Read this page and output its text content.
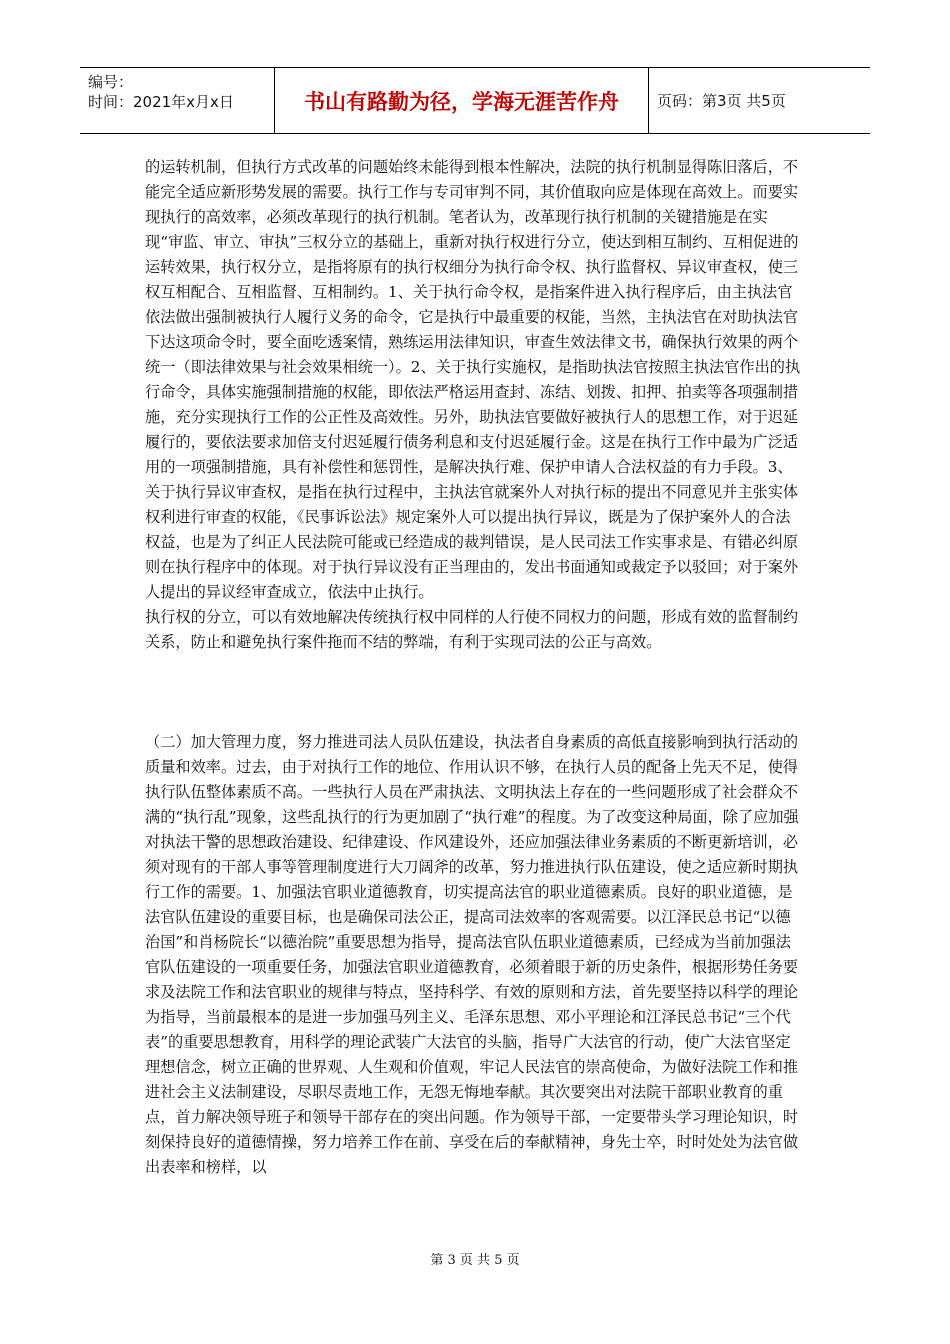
编号：
时间：2021年x月x日	书山有路勤为径，学海无涯苦作舟	页码：第3页 共5页

的运转机制，但执行方式改革的问题始终未能得到根本性解决，法院的执行机制显得陈旧落后，不能完全适应新形势发展的需要。执行工作与专司审判不同，其价值取向应是体现在高效上。而要实现执行的高效率，必须改革现行的执行机制。笔者认为，改革现行执行机制的关键措施是在实现“审监、审立、审执”三权分立的基础上，重新对执行权进行分立，使达到相互制约、互相促进的运转效果，执行权分立，是指将原有的执行权细分为执行命令权、执行监督权、异议审查权，使三权互相配合、互相监督、互相制约。1、关于执行命令权，是指案件进入执行程序后，由主执法官依法做出强制被执行人履行义务的命令，它是执行中最重要的权能，当然，主执法官在对助执法官下达这项命令时，要全面吃透案情，熟练运用法律知识，审查生效法律文书，确保执行效果的两个统一（即法律效果与社会效果相统一）。2、关于执行实施权，是指助执法官按照主执法官作出的执行命令，具体实施强制措施的权能，即依法严格运用查封、冻结、划拨、扣押、拍卖等各项强制措施，充分实现执行工作的公正性及高效性。另外，助执法官要做好被执行人的思想工作，对于迟延履行的，要依法要求加倍支付迟延履行债务利息和支付迟延履行金。这是在执行工作中最为广泛适用的一项强制措施，具有补偿性和惩罚性，是解决执行难、保护申请人合法权益的有力手段。3、关于执行异议审查权，是指在执行过程中，主执法官就案外人对执行标的提出不同意见并主张实体权利进行审查的权能，《民事诉讼法》规定案外人可以提出执行异议，既是为了保护案外人的合法权益，也是为了纠正人民法院可能或已经造成的裁判错误，是人民司法工作实事求是、有错必纠原则在执行程序中的体现。对于执行异议没有正当理由的，发出书面通知或裁定予以驳回；对于案外人提出的异议经审查成立，依法中止执行。

执行权的分立，可以有效地解决传统执行权中同样的人行使不同权力的问题，形成有效的监督制约关系，防止和避免执行案件拖而不结的弊端，有利于实现司法的公正与高效。

（二）加大管理力度，努力推进司法人员队伍建设，执法者自身素质的高低直接影响到执行活动的质量和效率。过去，由于对执行工作的地位、作用认识不够，在执行人员的配备上先天不足，使得执行队伍整体素质不高。一些执行人员在严肃执法、文明执法上存在的一些问题形成了社会群众不满的“执行乱”现象，这些乱执行的行为更加剧了“执行难”的程度。为了改变这种局面，除了应加强对执法干警的思想政治建设、纪律建设、作风建设外，还应加强法律业务素质的不断更新培训，必须对现有的干部人事等管理制度进行大刀阔斧的改革，努力推进执行队伍建设，使之适应新时期执行工作的需要。1、加强法官职业道德教育，切实提高法官的职业道德素质。良好的职业道德，是法官队伍建设的重要目标，也是确保司法公正，提高司法效率的客观需要。以江泽民总书记“以德治国”和肖杨院长“以德治院”重要思想为指导，提高法官队伍职业道德素质，已经成为当前加强法官队伍建设的一项重要任务，加强法官职业道德教育，必须着眼于新的历史条件，根据形势任务要求及法院工作和法官职业的规律与特点，坚持科学、有效的原则和方法，首先要坚持以科学的理论为指导，当前最根本的是进一步加强马列主义、毛泽东思想、邓小平理论和江泽民总书记“三个代表”的重要思想教育，用科学的理论武装广大法官的头脑，指导广大法官的行动，使广大法官坚定理想信念，树立正确的世界观、人生观和价值观，牢记人民法官的崇高使命，为做好法院工作和推进社会主义法制建设，尽职尽责地工作，无怨无悔地奉献。其次要突出对法院干部职业教育的重点，首力解决领导班子和领导干部存在的突出问题。作为领导干部，一定要带头学习理论知识，时刻保持良好的道德情操，努力培养工作在前、享受在后的奉献精神，身先士卒，时时处处为法官做出表率和榜样，以

第 3 页 共 5 页
